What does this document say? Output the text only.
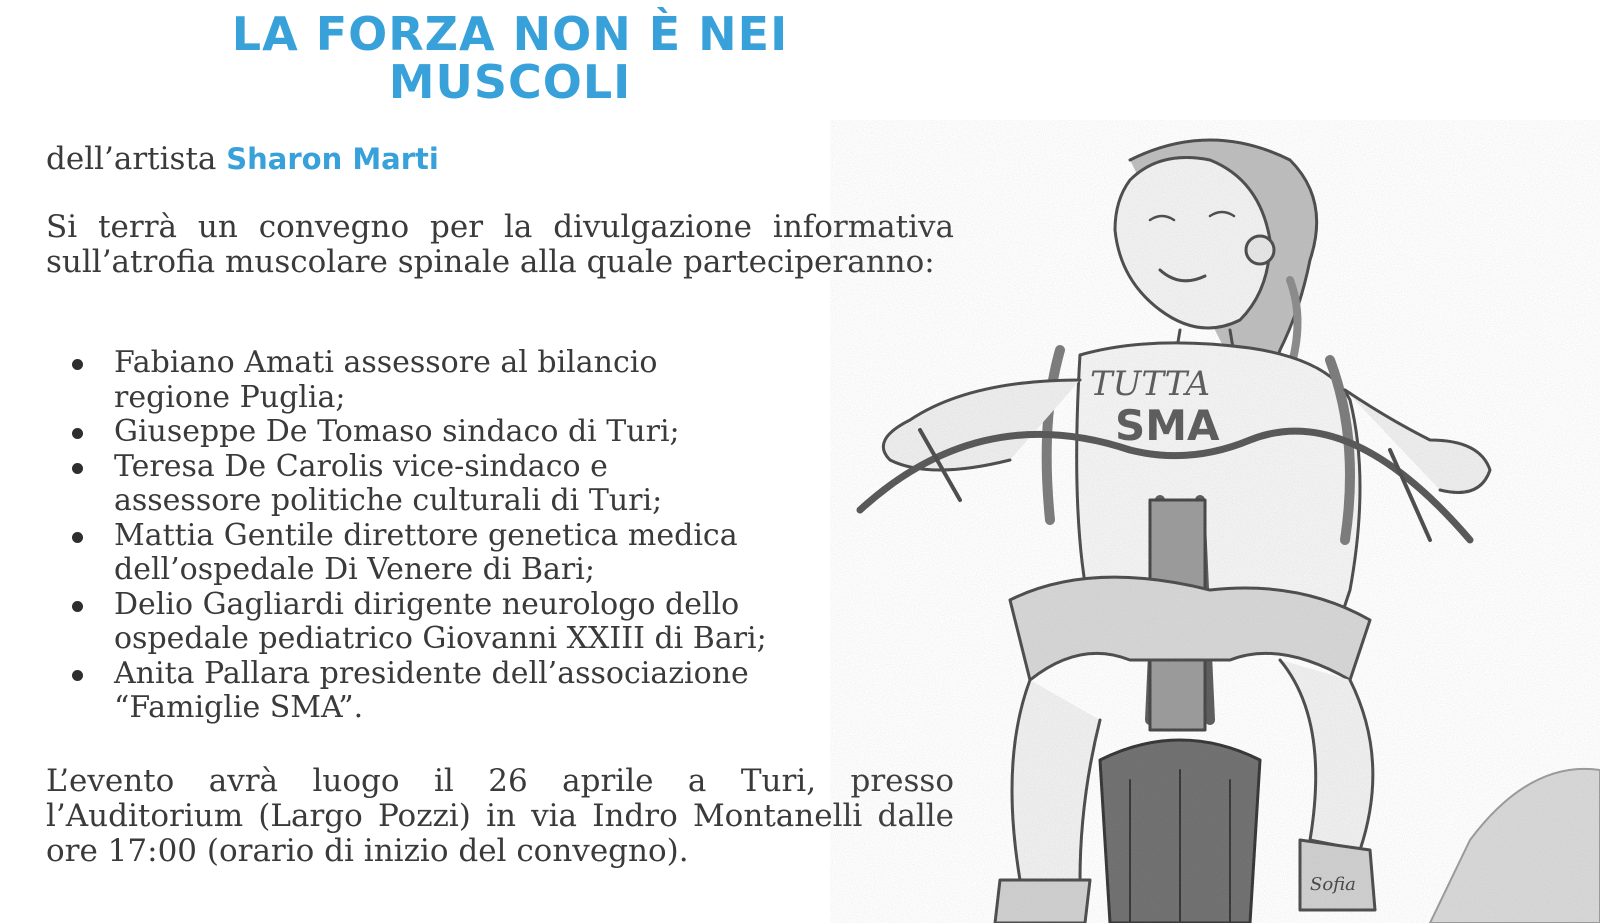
LA FORZA NON È NEI
MUSCOLI
dell’artista Sharon Marti
Si terrà un convegno per la divulgazione informativa sull’atrofia muscolare spinale alla quale parteciperanno:
Fabiano Amati assessore al bilancio
regione Puglia;
Giuseppe De Tomaso sindaco di Turi;
Teresa De Carolis vice-sindaco e
assessore politiche culturali di Turi;
Mattia Gentile direttore genetica medica
dell’ospedale Di Venere di Bari;
Delio Gagliardi dirigente neurologo dello
ospedale pediatrico Giovanni XXIII di Bari;
Anita Pallara presidente dell’associazione
“Famiglie SMA”.
L’evento avrà luogo il 26 aprile a Turi, presso l’Auditorium (Largo Pozzi) in via Indro Montanelli dalle ore 17:00 (orario di inizio del convegno).
TUTTA
SMA
Sofia
